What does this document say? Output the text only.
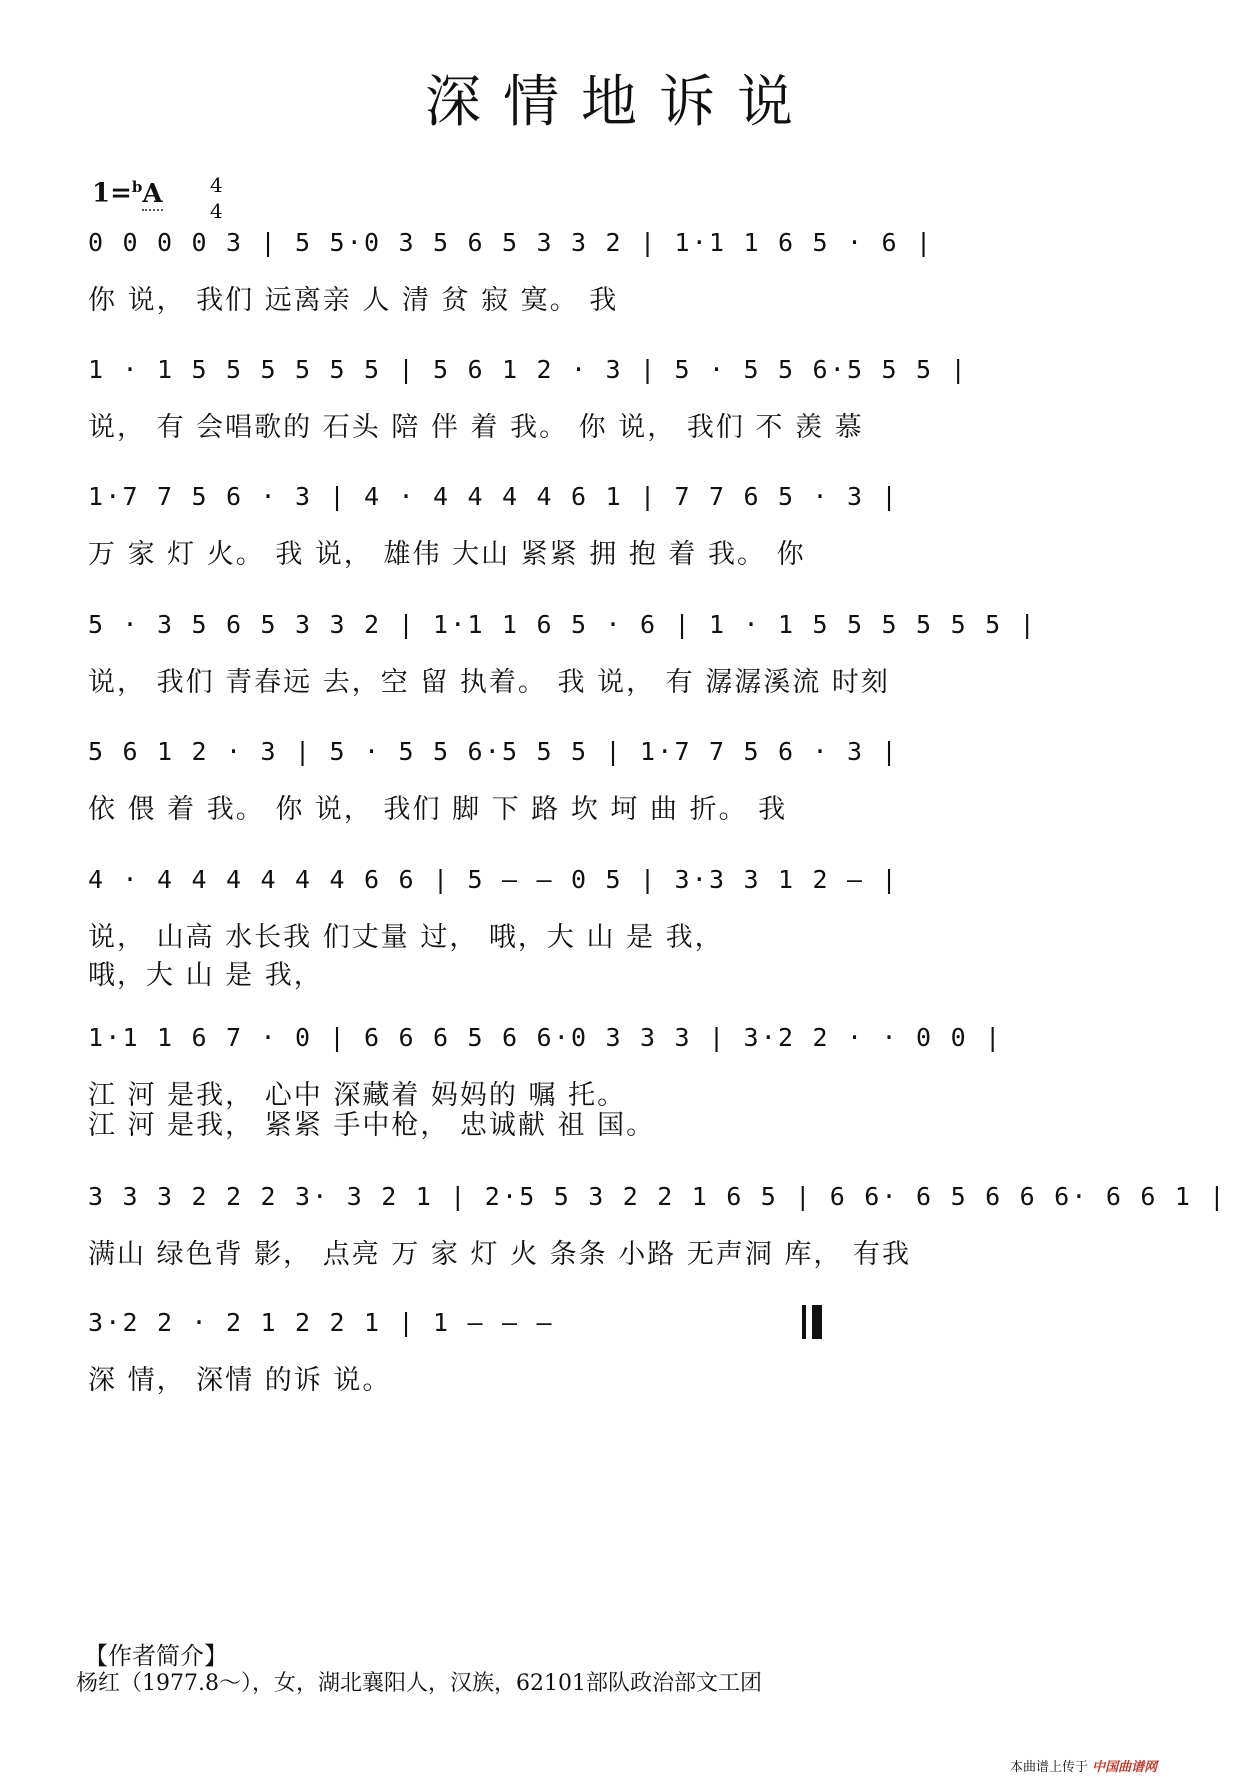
深情地诉说
1=$^b$A 4
4
0 0 0 0 3 | 5 5·0 3 5 6 5 3 3 2 | 1·1 1 6 5 · 6 |
你 说， 我们 远离亲 人 清 贫 寂 寞。 我
1 · 1 5 5 5 5 5 5 | 5 6 1 2 · 3 | 5 · 5 5 6·5 5 5 |
说， 有 会唱歌的 石头 陪 伴 着 我。 你 说， 我们 不 羡 慕
1·7 7 5 6 · 3 | 4 · 4 4 4 4 6 1 | 7 7 6 5 · 3 |
万 家 灯 火。 我 说， 雄伟 大山 紧紧 拥 抱 着 我。 你
5 · 3 5 6 5 3 3 2 | 1·1 1 6 5 · 6 | 1 · 1 5 5 5 5 5 5 |
说， 我们 青春远 去，空 留 执着。 我 说， 有 潺潺溪流 时刻
5 6 1 2 · 3 | 5 · 5 5 6·5 5 5 | 1·7 7 5 6 · 3 |
依 偎 着 我。 你 说， 我们 脚 下 路 坎 坷 曲 折。 我
4 · 4 4 4 4 4 4 6 6 | 5 — — 0 5 | 3·3 3 1 2 — |
说， 山高 水长我 们丈量 过， 哦，大 山 是 我，
哦，大 山 是 我，
1·1 1 6 7 · 0 | 6 6 6 5 6 6·0 3 3 3 | 3·2 2 · · 0 0 |
江 河 是我， 心中 深藏着 妈妈的 嘱 托。
江 河 是我， 紧紧 手中枪， 忠诚献 祖 国。
3 3 3 2 2 2 3· 3 2 1 | 2·5 5 3 2 2 1 6 5 | 6 6· 6 5 6 6 6· 6 6 1 |
满山 绿色背 影， 点亮 万 家 灯 火 条条 小路 无声洞 库， 有我
3·2 2 · 2 1 2 2 1 | 1 — — —
深 情， 深情 的诉 说。
【作者简介】
杨红（1977.8～），女，湖北襄阳人，汉族，62101部队政治部文工团
本曲谱上传于 中国曲谱网
